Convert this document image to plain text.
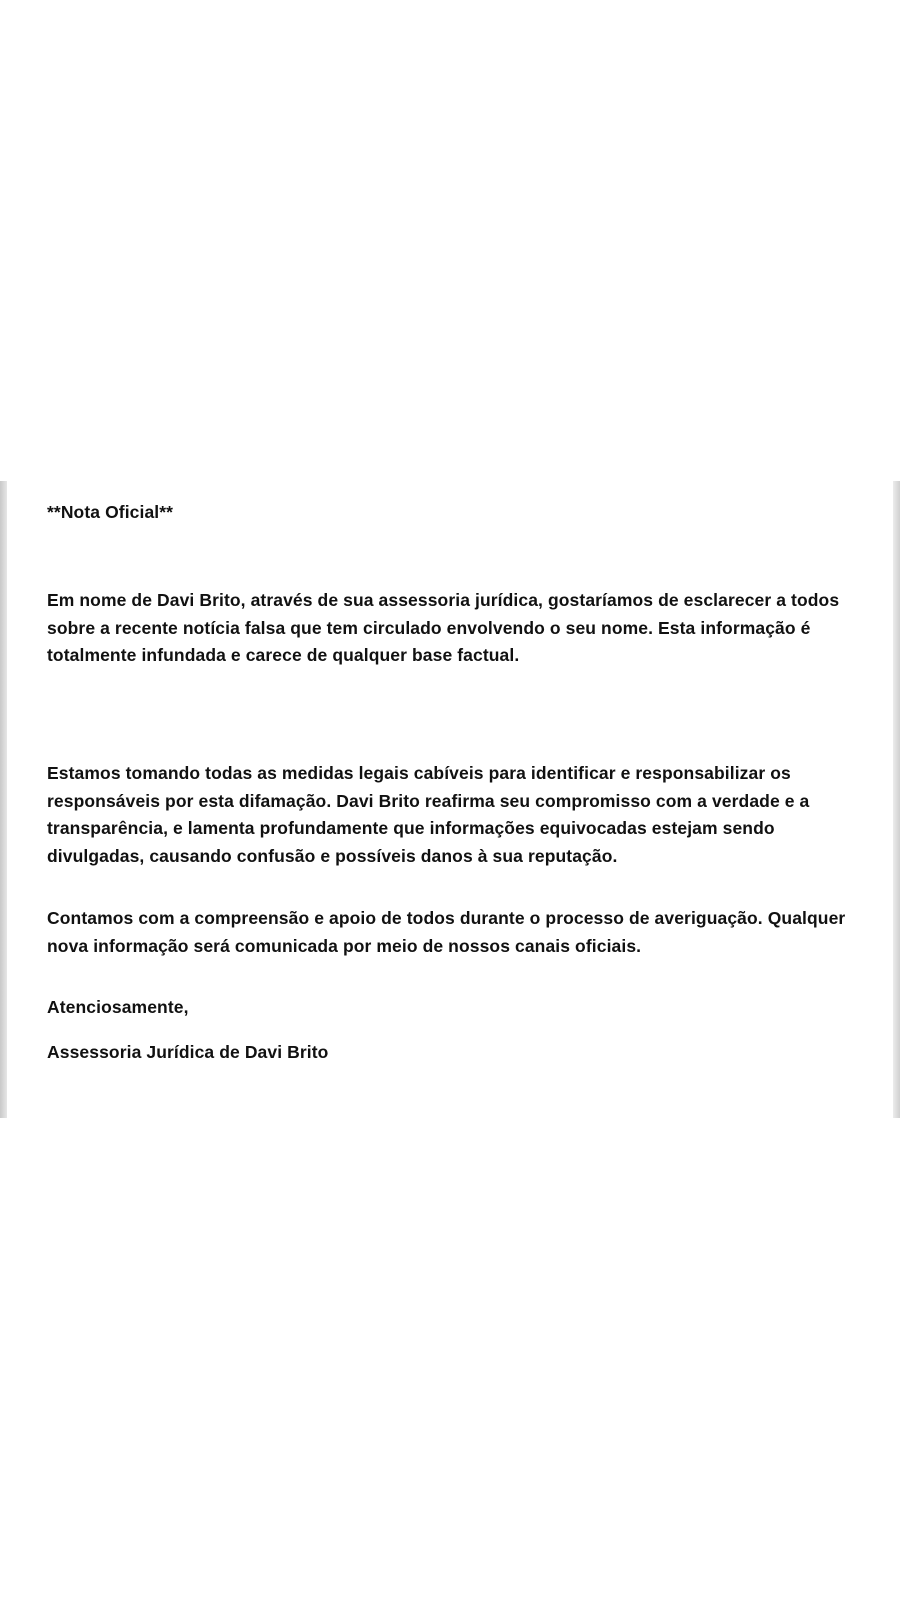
**Nota Oficial**

Em nome de Davi Brito, através de sua assessoria jurídica, gostaríamos de esclarecer a todos sobre a recente notícia falsa que tem circulado envolvendo o seu nome. Esta informação é totalmente infundada e carece de qualquer base factual.

Estamos tomando todas as medidas legais cabíveis para identificar e responsabilizar os responsáveis por esta difamação. Davi Brito reafirma seu compromisso com a verdade e a transparência, e lamenta profundamente que informações equivocadas estejam sendo divulgadas, causando confusão e possíveis danos à sua reputação.

Contamos com a compreensão e apoio de todos durante o processo de averiguação. Qualquer nova informação será comunicada por meio de nossos canais oficiais.

Atenciosamente,

Assessoria Jurídica de Davi Brito
